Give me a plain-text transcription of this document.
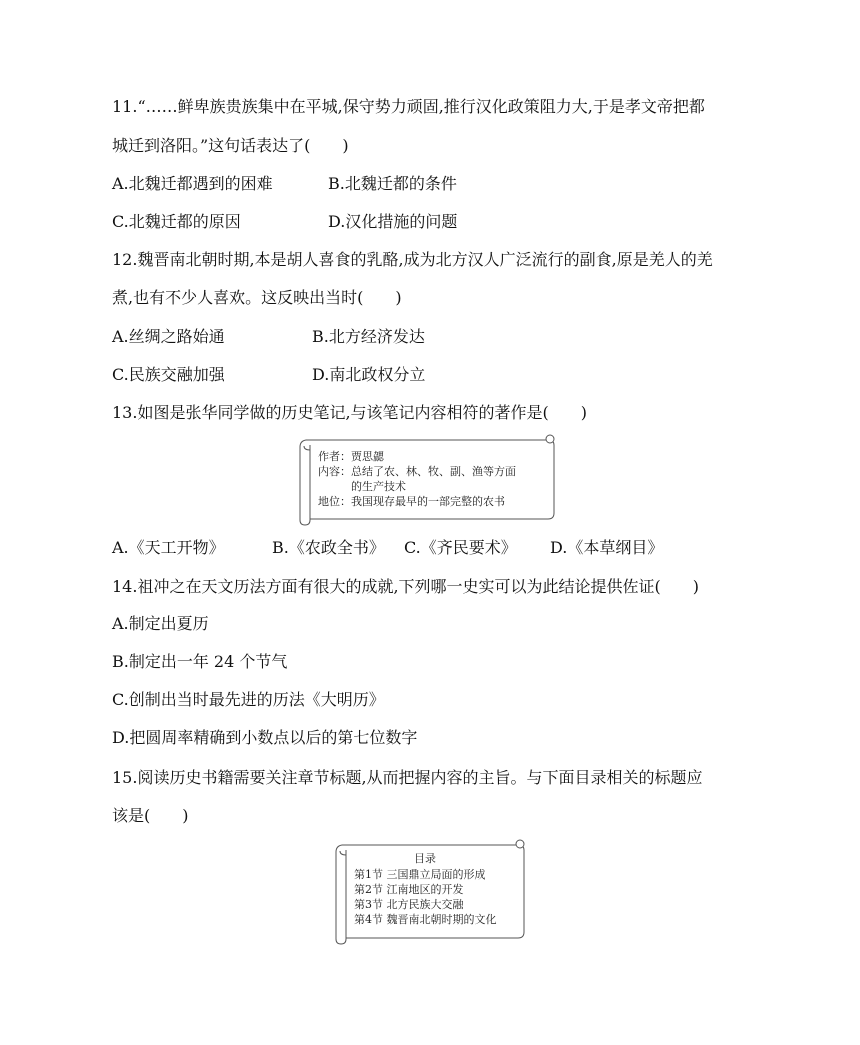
11.“……鲜卑族贵族集中在平城,保守势力顽固,推行汉化政策阻力大,于是孝文帝把都
城迁到洛阳。”这句话表达了(　　)
A.北魏迁都遇到的困难	B.北魏迁都的条件
C.北魏迁都的原因	D.汉化措施的问题
12.魏晋南北朝时期,本是胡人喜食的乳酪,成为北方汉人广泛流行的副食,原是羌人的羌
煮,也有不少人喜欢。这反映出当时(　　)
A.丝绸之路始通	B.北方经济发达
C.民族交融加强	D.南北政权分立
13.如图是张华同学做的历史笔记,与该笔记内容相符的著作是(　　)
作者：贾思勰
内容：总结了农、林、牧、副、渔等方面
的生产技术
地位：我国现存最早的一部完整的农书
A.《天工开物》	B.《农政全书》 C.《齐民要术》 D.《本草纲目》
14.祖冲之在天文历法方面有很大的成就,下列哪一史实可以为此结论提供佐证(　　)
A.制定出夏历
B.制定出一年 24 个节气
C.创制出当时最先进的历法《大明历》
D.把圆周率精确到小数点以后的第七位数字
15.阅读历史书籍需要关注章节标题,从而把握内容的主旨。与下面目录相关的标题应
该是(　　)
目录
第1节 三国鼎立局面的形成
第2节 江南地区的开发
第3节 北方民族大交融
第4节 魏晋南北朝时期的文化
